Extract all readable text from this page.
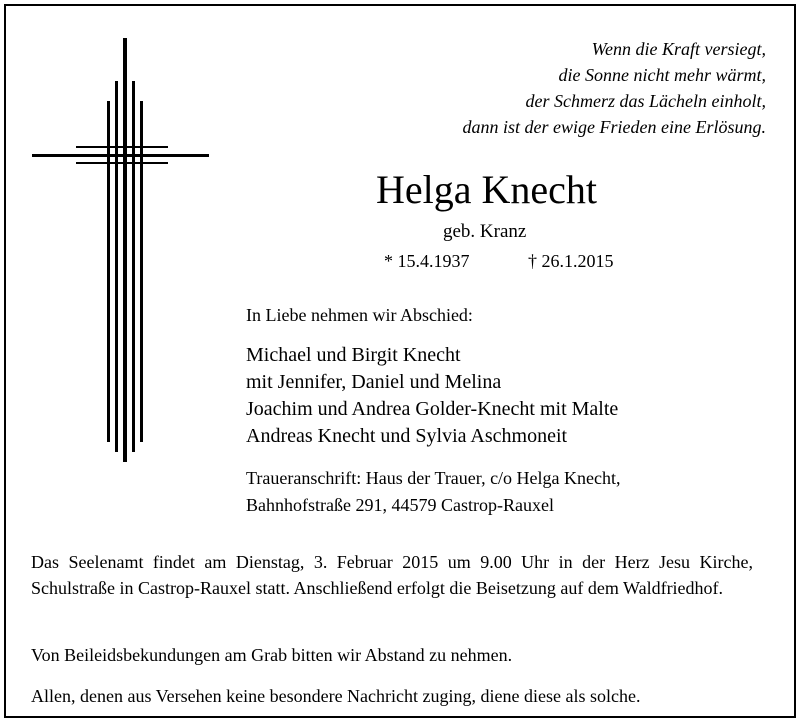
Wenn die Kraft versiegt,
die Sonne nicht mehr wärmt,
der Schmerz das Lächeln einholt,
dann ist der ewige Frieden eine Erlösung.
Helga Knecht
geb. Kranz
* 15.4.1937	† 26.1.2015
In Liebe nehmen wir Abschied:
Michael und Birgit Knecht
mit Jennifer, Daniel und Melina
Joachim und Andrea Golder-Knecht mit Malte
Andreas Knecht und Sylvia Aschmoneit
Traueranschrift: Haus der Trauer, c/o Helga Knecht,
Bahnhofstraße 291, 44579 Castrop-Rauxel
Das Seelenamt findet am Dienstag, 3. Februar 2015 um 9.00 Uhr in der Herz Jesu Kirche, Schulstraße in Castrop-Rauxel statt. Anschließend erfolgt die Beisetzung auf dem Waldfriedhof.
Von Beileidsbekundungen am Grab bitten wir Abstand zu nehmen.
Allen, denen aus Versehen keine besondere Nachricht zuging, diene diese als solche.
